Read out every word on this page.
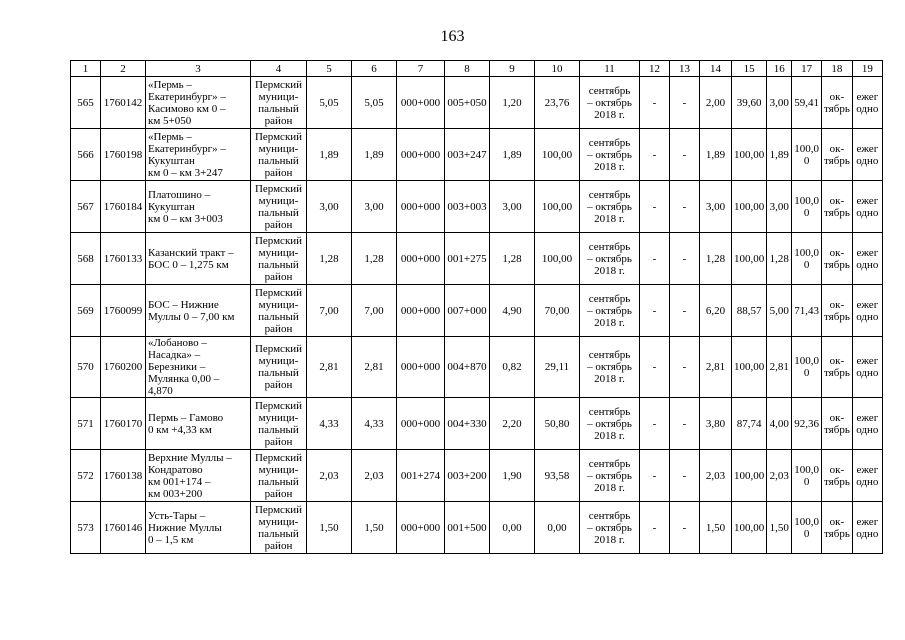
163
1	2	3	4	5	6	7	8	9	10	11	12	13	14	15	16	17	18	19
565	1760142	«Пермь –
Екатеринбург» –
Касимово км 0 –
км 5+050	Пермский
муници-
пальный
район	5,05	5,05	000+000	005+050	1,20	23,76	сентябрь
– октябрь
2018 г.	-	-	2,00	39,60	3,00	59,41	ок-
тябрь	ежег
одно
566	1760198	«Пермь –
Екатеринбург» –
Кукуштан
км 0 – км 3+247	Пермский
муници-
пальный
район	1,89	1,89	000+000	003+247	1,89	100,00	сентябрь
– октябрь
2018 г.	-	-	1,89	100,00	1,89	100,0
0	ок-
тябрь	ежег
одно
567	1760184	Платошино –
Кукуштан
км 0 – км 3+003	Пермский
муници-
пальный
район	3,00	3,00	000+000	003+003	3,00	100,00	сентябрь
– октябрь
2018 г.	-	-	3,00	100,00	3,00	100,0
0	ок-
тябрь	ежег
одно
568	1760133	Казанский тракт –
БОС 0 – 1,275 км	Пермский
муници-
пальный
район	1,28	1,28	000+000	001+275	1,28	100,00	сентябрь
– октябрь
2018 г.	-	-	1,28	100,00	1,28	100,0
0	ок-
тябрь	ежег
одно
569	1760099	БОС – Нижние
Муллы 0 – 7,00 км	Пермский
муници-
пальный
район	7,00	7,00	000+000	007+000	4,90	70,00	сентябрь
– октябрь
2018 г.	-	-	6,20	88,57	5,00	71,43	ок-
тябрь	ежег
одно
570	1760200	«Лобаново –
Насадка» –
Березники –
Мулянка 0,00 –
4,870	Пермский
муници-
пальный
район	2,81	2,81	000+000	004+870	0,82	29,11	сентябрь
– октябрь
2018 г.	-	-	2,81	100,00	2,81	100,0
0	ок-
тябрь	ежег
одно
571	1760170	Пермь – Гамово
0 км +4,33 км	Пермский
муници-
пальный
район	4,33	4,33	000+000	004+330	2,20	50,80	сентябрь
– октябрь
2018 г.	-	-	3,80	87,74	4,00	92,36	ок-
тябрь	ежег
одно
572	1760138	Верхние Муллы –
Кондратово
км 001+174 –
км 003+200	Пермский
муници-
пальный
район	2,03	2,03	001+274	003+200	1,90	93,58	сентябрь
– октябрь
2018 г.	-	-	2,03	100,00	2,03	100,0
0	ок-
тябрь	ежег
одно
573	1760146	Усть-Тары –
Нижние Муллы
0 – 1,5 км	Пермский
муници-
пальный
район	1,50	1,50	000+000	001+500	0,00	0,00	сентябрь
– октябрь
2018 г.	-	-	1,50	100,00	1,50	100,0
0	ок-
тябрь	ежег
одно
